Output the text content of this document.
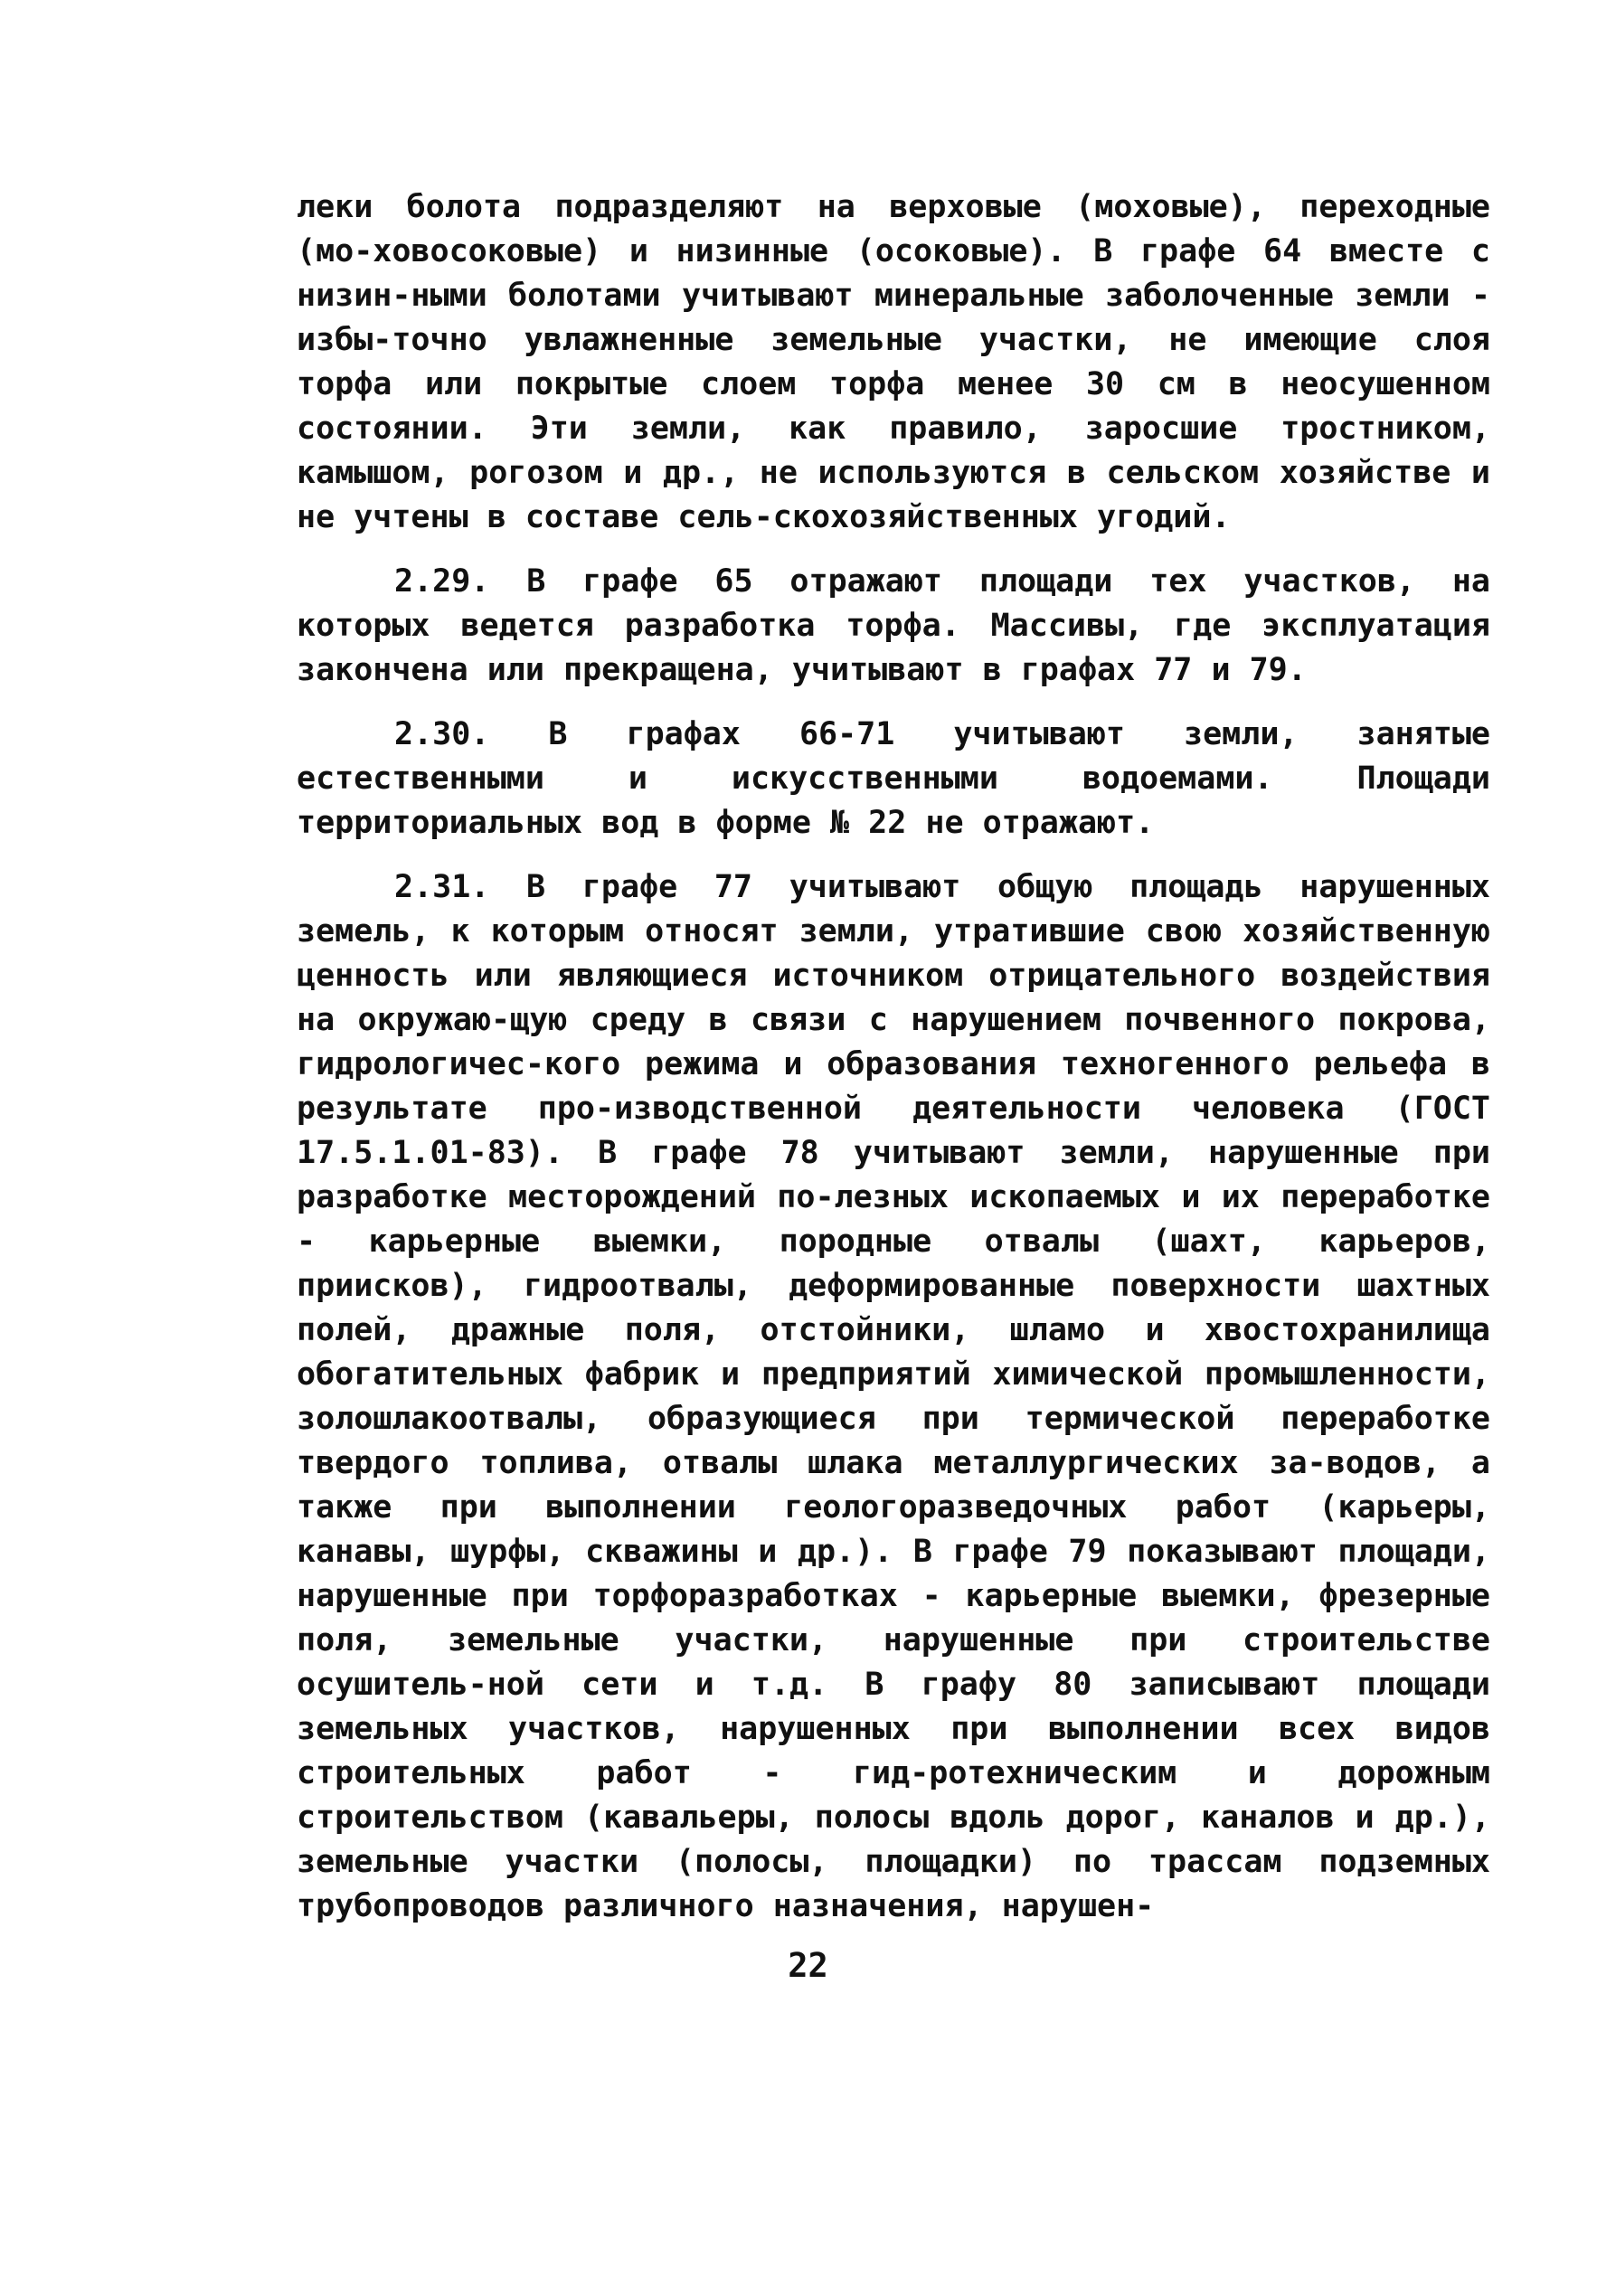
леки болота подразделяют на верховые (моховые), переходные (мо-ховосоковые) и низинные (осоковые). В графе 64 вместе с низин-ными болотами учитывают минеральные заболоченные земли - избы-точно увлажненные земельные участки, не имеющие слоя торфа или покрытые слоем торфа менее 30 см в неосушенном состоянии. Эти земли, как правило, заросшие тростником, камышом, рогозом и др., не используются в сельском хозяйстве и не учтены в составе сель-скохозяйственных угодий.

2.29. В графе 65 отражают площади тех участков, на которых ведется разработка торфа. Массивы, где эксплуатация закончена или прекращена, учитывают в графах 77 и 79.

2.30. В графах 66-71 учитывают земли, занятые естественными и искусственными водоемами. Площади территориальных вод в форме № 22 не отражают.

2.31. В графе 77 учитывают общую площадь нарушенных земель, к которым относят земли, утратившие свою хозяйственную ценность или являющиеся источником отрицательного воздействия на окружаю-щую среду в связи с нарушением почвенного покрова, гидрологичес-кого режима и образования техногенного рельефа в результате про-изводственной деятельности человека (ГОСТ 17.5.1.01-83). В графе 78 учитывают земли, нарушенные при разработке месторождений по-лезных ископаемых и их переработке - карьерные выемки, породные отвалы (шахт, карьеров, приисков), гидроотвалы, деформированные поверхности шахтных полей, дражные поля, отстойники, шламо и хвостохранилища обогатительных фабрик и предприятий химической промышленности, золошлакоотвалы, образующиеся при термической переработке твердого топлива, отвалы шлака металлургических за-водов, а также при выполнении геологоразведочных работ (карьеры, канавы, шурфы, скважины и др.). В графе 79 показывают площади, нарушенные при торфоразработках - карьерные выемки, фрезерные поля, земельные участки, нарушенные при строительстве осушитель-ной сети и т.д. В графу 80 записывают площади земельных участков, нарушенных при выполнении всех видов строительных работ - гид-ротехническим и дорожным строительством (кавальеры, полосы вдоль дорог, каналов и др.), земельные участки (полосы, площадки) по трассам подземных трубопроводов различного назначения, нарушен-

22
